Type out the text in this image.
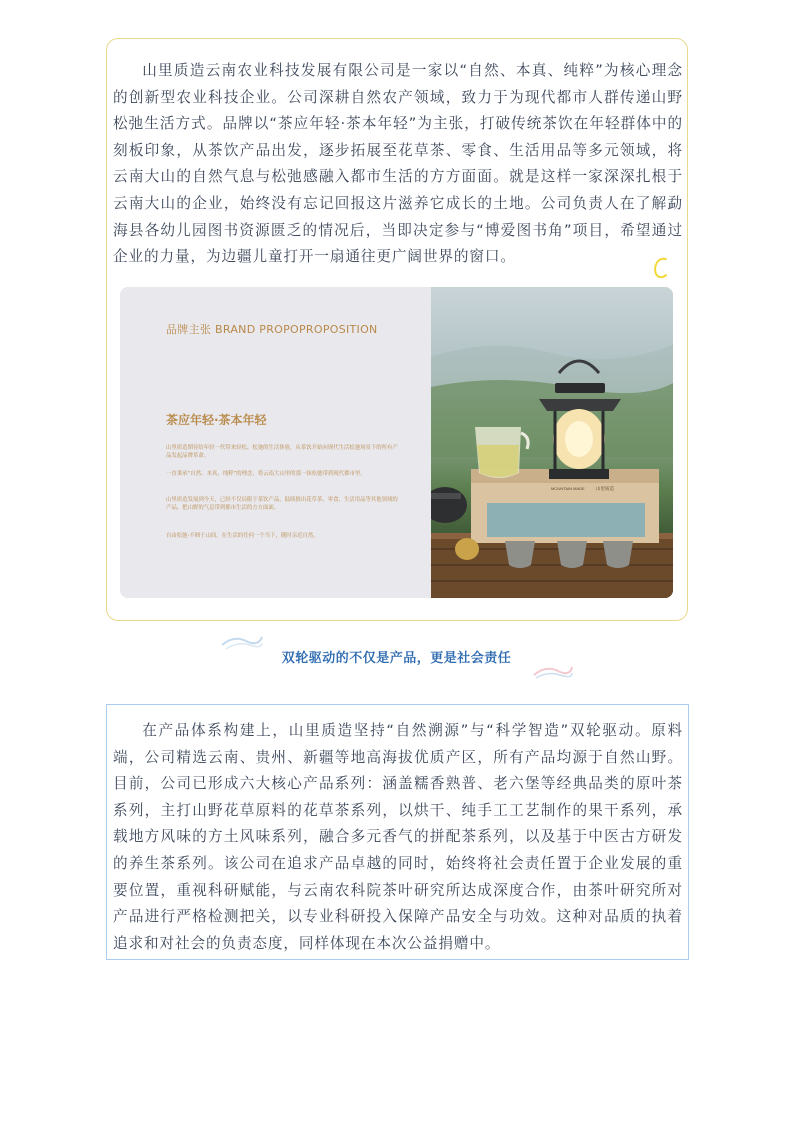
山里质造云南农业科技发展有限公司是一家以“自然、本真、纯粹”为核心理念的创新型农业科技企业。公司深耕自然农产领域，致力于为现代都市人群传递山野松弛生活方式。品牌以“茶应年轻·茶本年轻”为主张，打破传统茶饮在年轻群体中的刻板印象，从茶饮产品出发，逐步拓展至花草茶、零食、生活用品等多元领域，将云南大山的自然气息与松弛感融入都市生活的方方面面。就是这样一家深深扎根于云南大山的企业，始终没有忘记回报这片滋养它成长的土地。公司负责人在了解勐海县各幼儿园图书资源匮乏的情况后，当即决定参与“博爱图书角”项目，希望通过企业的力量，为边疆儿童打开一扇通往更广阔世界的窗口。

品牌主张 BRAND PROPOPROPOSITION
茶应年轻·茶本年轻

山里质造期待给年轻一代带来轻松、松弛的生活体验，从茶饮开始向现代生活松弛场景下的所有产品发起品牌革命。

一直秉承“自然、本真、纯粹”的理念，将云南大山里的那一抹松弛带到现代都市里。

山里质造发展到今天，已经不仅局限于茶饮产品，陆续推出花草茶、零食、生活用品等其他领域的产品，把山野的气息带到都市生活的方方面面。

自由松弛·不囿于山间，在生活的任何一个当下，随时亲近自然。

MOUNTAIN MADE	山里质造

双轮驱动的不仅是产品，更是社会责任

在产品体系构建上，山里质造坚持“自然溯源”与“科学智造”双轮驱动。原料端，公司精选云南、贵州、新疆等地高海拔优质产区，所有产品均源于自然山野。目前，公司已形成六大核心产品系列：涵盖糯香熟普、老六堡等经典品类的原叶茶系列，主打山野花草原料的花草茶系列，以烘干、纯手工工艺制作的果干系列，承载地方风味的方土风味系列，融合多元香气的拼配茶系列，以及基于中医古方研发的养生茶系列。该公司在追求产品卓越的同时，始终将社会责任置于企业发展的重要位置，重视科研赋能，与云南农科院茶叶研究所达成深度合作，由茶叶研究所对产品进行严格检测把关，以专业科研投入保障产品安全与功效。这种对品质的执着追求和对社会的负责态度，同样体现在本次公益捐赠中。
